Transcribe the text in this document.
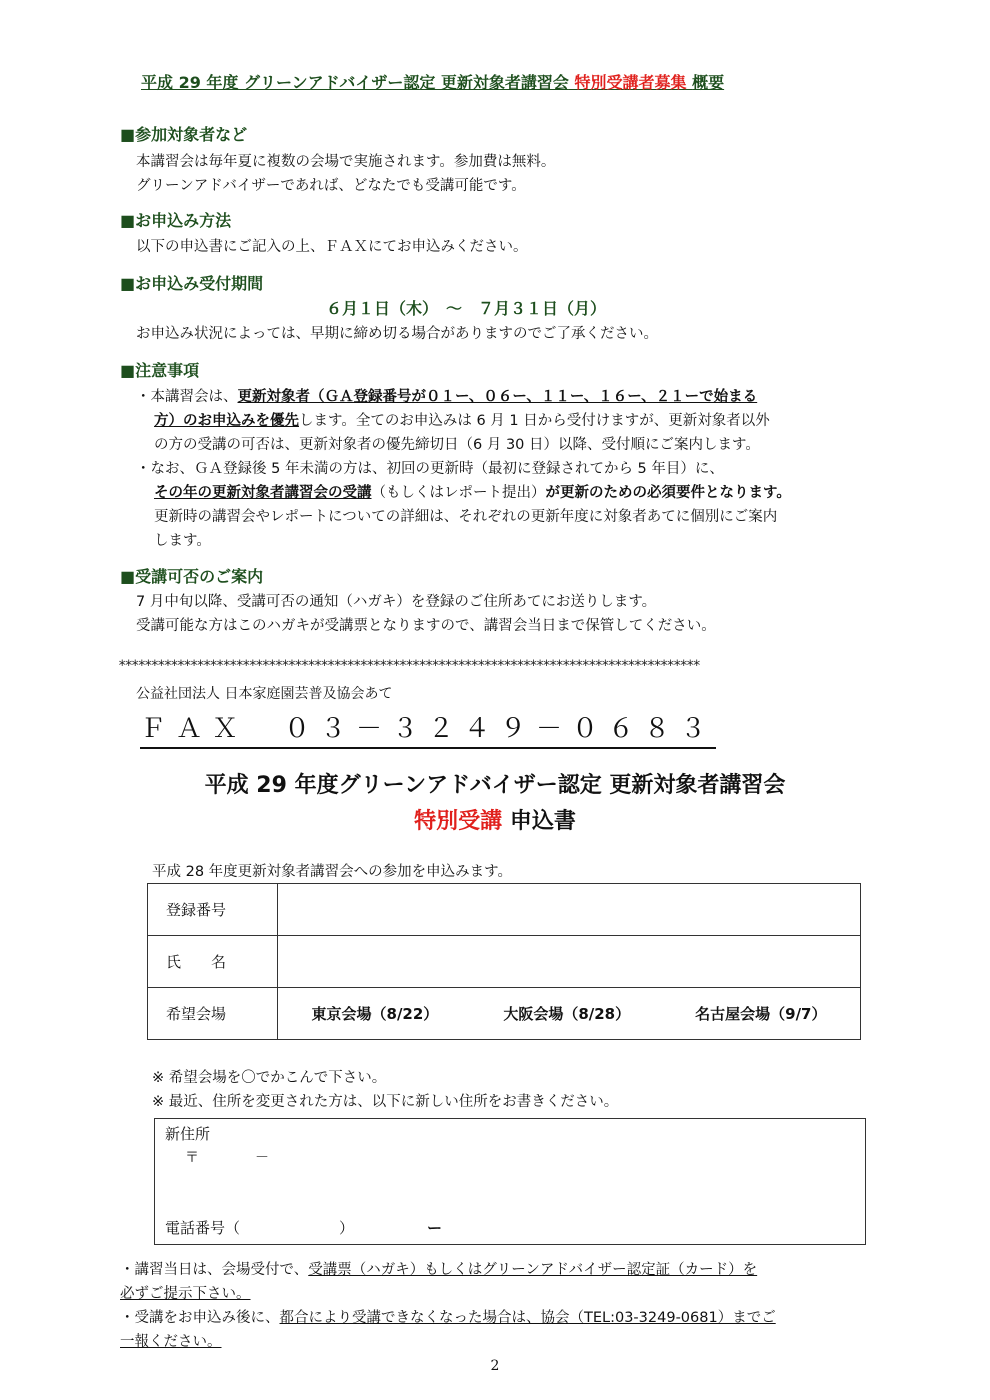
平成 29 年度 グリーンアドバイザー認定 更新対象者講習会 特別受講者募集 概要
■参加対象者など
本講習会は毎年夏に複数の会場で実施されます。参加費は無料。
グリーンアドバイザーであれば、どなたでも受講可能です。
■お申込み方法
以下の申込書にご記入の上、ＦＡＸにてお申込みください。
■お申込み受付期間
６月１日（木）　～　７月３１日（月）
お申込み状況によっては、早期に締め切る場合がありますのでご了承ください。
■注意事項
・本講習会は、更新対象者（ＧＡ登録番号が０１ー、０６ー、１１ー、１６ー、２１ーで始まる
方）のお申込みを優先します。全てのお申込みは 6 月 1 日から受付けますが、更新対象者以外
の方の受講の可否は、更新対象者の優先締切日（6 月 30 日）以降、受付順にご案内します。
・なお、ＧＡ登録後 5 年未満の方は、初回の更新時（最初に登録されてから 5 年目）に、
その年の更新対象者講習会の受講（もしくはレポート提出）が更新のための必須要件となります。
更新時の講習会やレポートについての詳細は、それぞれの更新年度に対象者あてに個別にご案内
します。
■受講可否のご案内
7 月中旬以降、受講可否の通知（ハガキ）を登録のご住所あてにお送りします。
受講可能な方はこのハガキが受講票となりますので、講習会当日まで保管してください。
*****************************************************************************************
公益社団法人 日本家庭園芸普及協会あて
ＦＡＸ　０３－３２４９－０６８３
平成 29 年度グリーンアドバイザー認定 更新対象者講習会
特別受講 申込書
平成 28 年度更新対象者講習会への参加を申込みます。
登録番号	
氏　　名	
希望会場	東京会場（8/22） 大阪会場（8/28） 名古屋会場（9/7）
※ 希望会場を〇でかこんで下さい。
※ 最近、住所を変更された方は、以下に新しい住所をお書きください。
新住所
〒	－
電話番号（	）	ー
・講習当日は、会場受付で、受講票（ハガキ）もしくはグリーンアドバイザー認定証（カード）を
必ずご提示下さい。
・受講をお申込み後に、都合により受講できなくなった場合は、協会（TEL:03-3249-0681）までご
一報ください。
2
